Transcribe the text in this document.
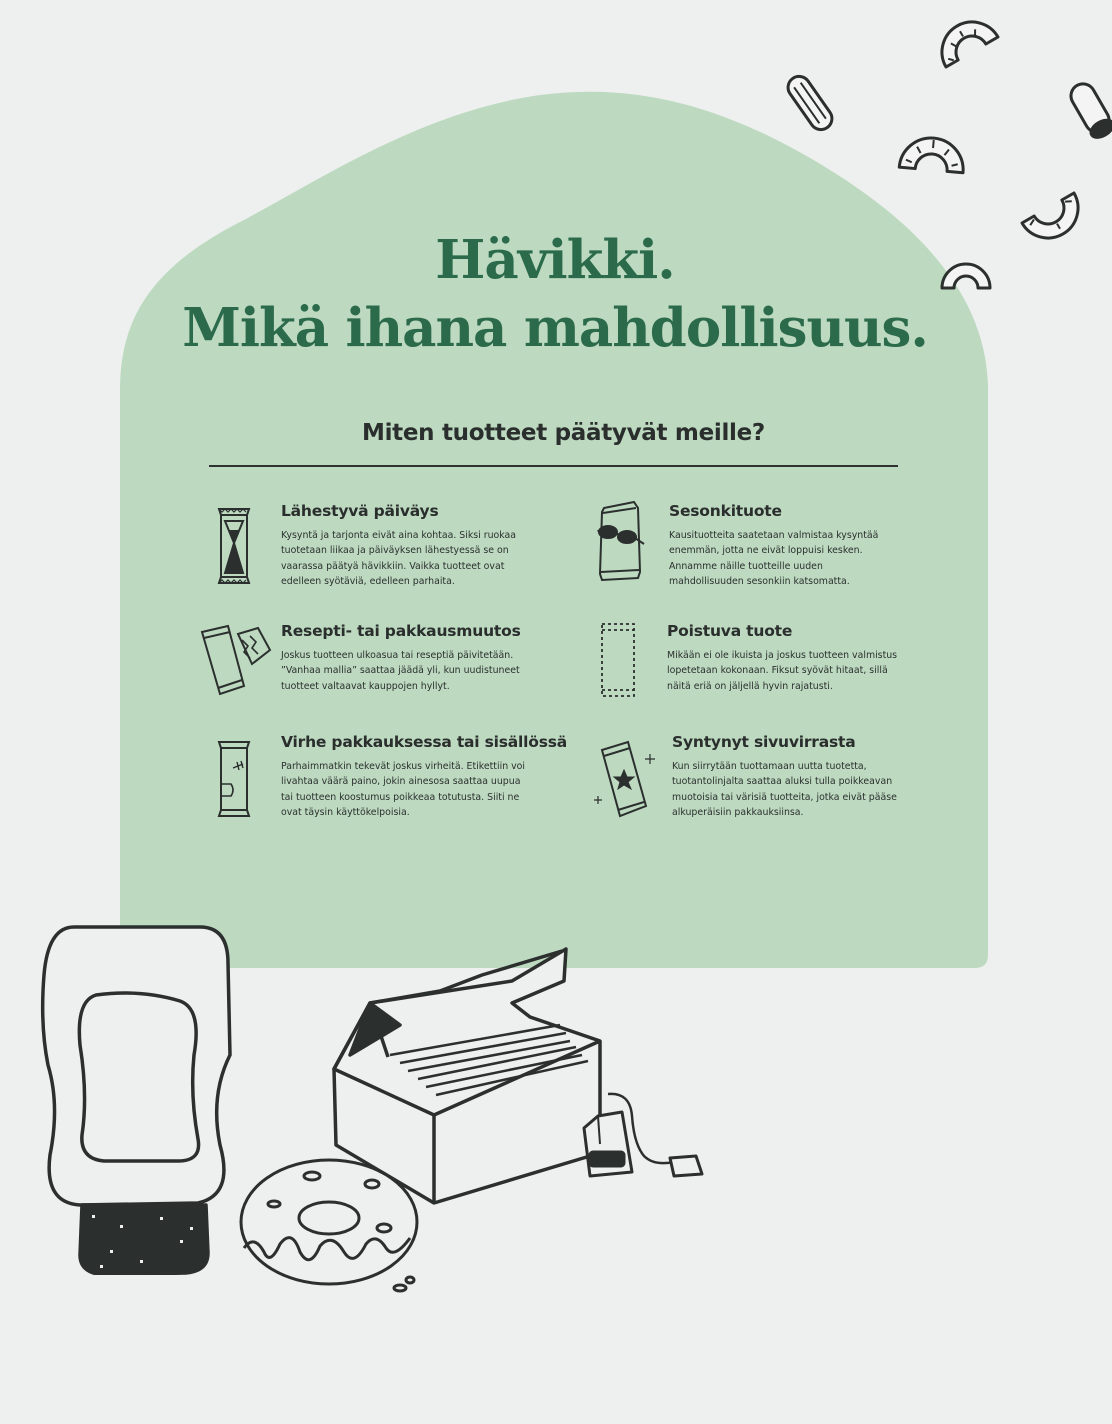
Hävikki.
Mikä ihana mahdollisuus.
Miten tuotteet päätyvät meille?
Lähestyvä päiväys

Kysyntä ja tarjonta eivät aina kohtaa. Siksi ruokaa tuotetaan liikaa ja päiväyksen lähestyessä se on vaarassa päätyä hävikkiin. Vaikka tuotteet ovat edelleen syötäviä, edelleen parhaita.

Sesonkituote

Kausituotteita saatetaan valmistaa kysyntää enemmän, jotta ne eivät loppuisi kesken. Annamme näille tuotteille uuden mahdollisuuden sesonkiin katsomatta.

Resepti- tai pakkausmuutos

Joskus tuotteen ulkoasua tai reseptiä päivitetään. ”Vanhaa mallia” saattaa jäädä yli, kun uudistuneet tuotteet valtaavat kauppojen hyllyt.

Poistuva tuote

Mikään ei ole ikuista ja joskus tuotteen valmistus lopetetaan kokonaan. Fiksut syövät hitaat, sillä näitä eriä on jäljellä hyvin rajatusti.

Virhe pakkauksessa tai sisällössä

Parhaimmatkin tekevät joskus virheitä. Etikettiin voi livahtaa väärä paino, jokin ainesosa saattaa uupua tai tuotteen koostumus poikkeaa totutusta. Siiti ne ovat täysin käyttökelpoisia.

Syntynyt sivuvirrasta

Kun siirrytään tuottamaan uutta tuotetta, tuotantolinjalta saattaa aluksi tulla poikkeavan muotoisia tai värisiä tuotteita, jotka eivät pääse alkuperäisiin pakkauksiinsa.
